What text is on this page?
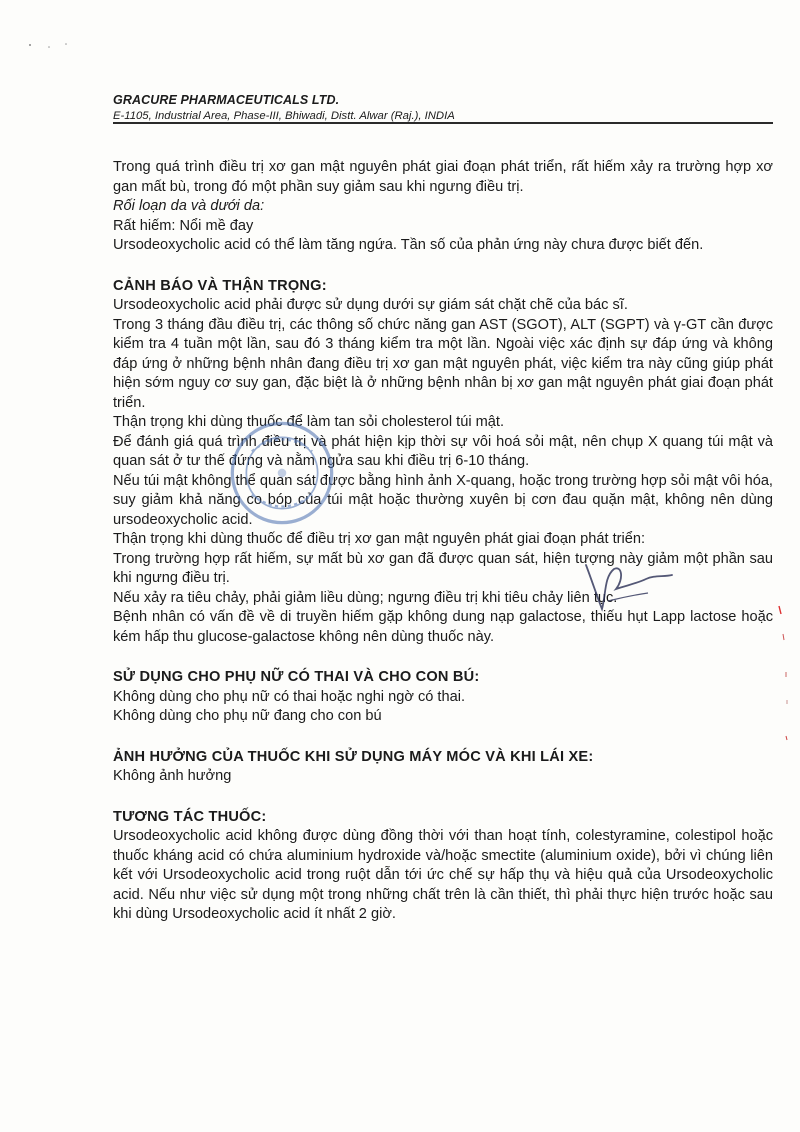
GRACURE PHARMACEUTICALS LTD.

E-1105, Industrial Area, Phase-III, Bhiwadi, Distt. Alwar (Raj.), INDIA

Trong quá trình điều trị xơ gan mật nguyên phát giai đoạn phát triển, rất hiếm xảy ra trường hợp xơ gan mất bù, trong đó một phần suy giảm sau khi ngưng điều trị.

Rối loạn da và dưới da:

Rất hiếm: Nổi mề đay

Ursodeoxycholic acid có thể làm tăng ngứa. Tần số của phản ứng này chưa được biết đến.

CẢNH BÁO VÀ THẬN TRỌNG:

Ursodeoxycholic acid phải được sử dụng dưới sự giám sát chặt chẽ của bác sĩ.

Trong 3 tháng đầu điều trị, các thông số chức năng gan AST (SGOT), ALT (SGPT) và γ-GT cần được kiểm tra 4 tuần một lần, sau đó 3 tháng kiểm tra một lần. Ngoài việc xác định sự đáp ứng và không đáp ứng ở những bệnh nhân đang điều trị xơ gan mật nguyên phát, việc kiểm tra này cũng giúp phát hiện sớm nguy cơ suy gan, đặc biệt là ở những bệnh nhân bị xơ gan mật nguyên phát giai đoạn phát triển.

Thận trọng khi dùng thuốc để làm tan sỏi cholesterol túi mật.

Để đánh giá quá trình điều trị và phát hiện kịp thời sự vôi hoá sỏi mật, nên chụp X quang túi mật và quan sát ở tư thế đứng và nằm ngửa sau khi điều trị 6-10 tháng.

Nếu túi mật không thể quan sát được bằng hình ảnh X-quang, hoặc trong trường hợp sỏi mật vôi hóa, suy giảm khả năng co bóp của túi mật hoặc thường xuyên bị cơn đau quặn mật, không nên dùng ursodeoxycholic acid.

Thận trọng khi dùng thuốc để điều trị xơ gan mật nguyên phát giai đoạn phát triển:

Trong trường hợp rất hiếm, sự mất bù xơ gan đã được quan sát, hiện tượng này giảm một phần sau khi ngưng điều trị.

Nếu xảy ra tiêu chảy, phải giảm liều dùng; ngưng điều trị khi tiêu chảy liên tục.

Bệnh nhân có vấn đề về di truyền hiếm gặp không dung nạp galactose, thiếu hụt Lapp lactose hoặc kém hấp thu glucose-galactose không nên dùng thuốc này.

SỬ DỤNG CHO PHỤ NỮ CÓ THAI VÀ CHO CON BÚ:

Không dùng cho phụ nữ có thai hoặc nghi ngờ có thai.

Không dùng cho phụ nữ đang cho con bú

ẢNH HƯỞNG CỦA THUỐC KHI SỬ DỤNG MÁY MÓC VÀ KHI LÁI XE:

Không ảnh hưởng

TƯƠNG TÁC THUỐC:

Ursodeoxycholic acid không được dùng đồng thời với than hoạt tính, colestyramine, colestipol hoặc thuốc kháng acid có chứa aluminium hydroxide và/hoặc smectite (aluminium oxide), bởi vì chúng liên kết với Ursodeoxycholic acid trong ruột dẫn tới ức chế sự hấp thụ và hiệu quả của Ursodeoxycholic acid. Nếu như việc sử dụng một trong những chất trên là cần thiết, thì phải thực hiện trước hoặc sau khi dùng Ursodeoxycholic acid ít nhất 2 giờ.
